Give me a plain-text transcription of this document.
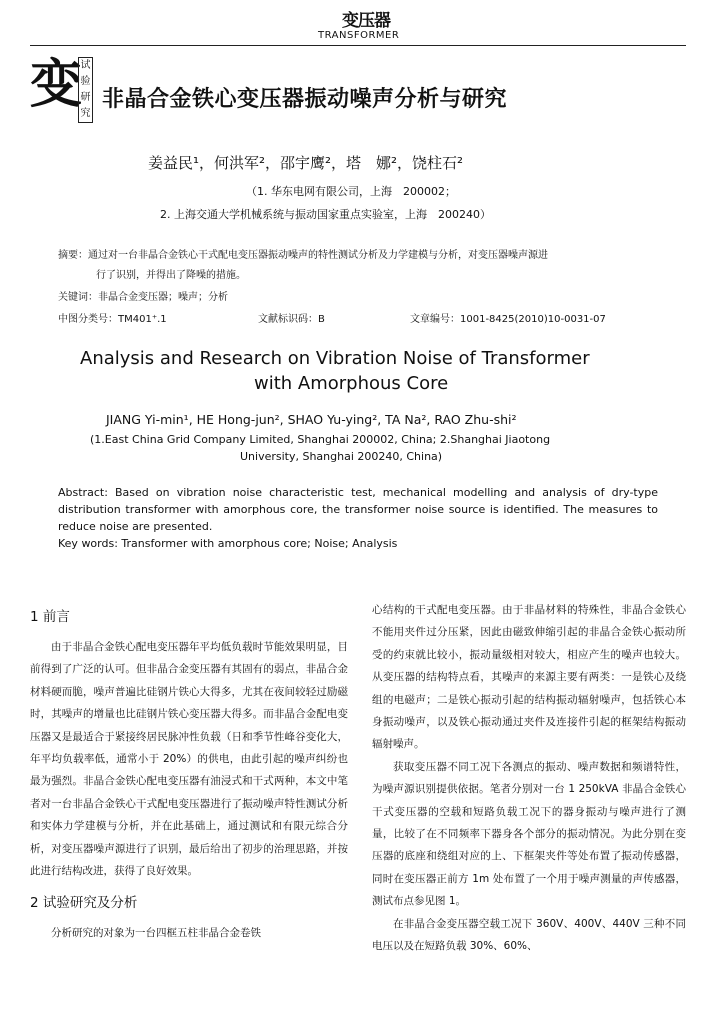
变压器
TRANSFORMER
变
试
验
研
究
非晶合金铁心变压器振动噪声分析与研究
姜益民¹，何洪军²，邵宇鹰²，塔　娜²，饶柱石²
（1. 华东电网有限公司，上海　200002；
2. 上海交通大学机械系统与振动国家重点实验室，上海　200240）
摘要：通过对一台非晶合金铁心干式配电变压器振动噪声的特性测试分析及力学建模与分析，对变压器噪声源进
行了识别，并得出了降噪的措施。
关键词：非晶合金变压器；噪声；分析
中图分类号：TM401⁺.1	文献标识码：B	文章编号：1001-8425(2010)10-0031-07
Analysis and Research on Vibration Noise of Transformer
with Amorphous Core
JIANG Yi-min¹, HE Hong-jun², SHAO Yu-ying², TA Na², RAO Zhu-shi²
(1.East China Grid Company Limited, Shanghai 200002, China; 2.Shanghai Jiaotong
University, Shanghai 200240, China)
Abstract: Based on vibration noise characteristic test, mechanical modelling and analysis of dry-type distribution transformer with amorphous core, the transformer noise source is identified. The measures to reduce noise are presented.
Key words: Transformer with amorphous core; Noise; Analysis

1 前言

由于非晶合金铁心配电变压器年平均低负载时节能效果明显，目前得到了广泛的认可。但非晶合金变压器有其固有的弱点，非晶合金材料硬而脆，噪声普遍比硅钢片铁心大得多，尤其在夜间较轻过励磁时，其噪声的增量也比硅钢片铁心变压器大得多。而非晶合金配电变压器又是最适合于紧接终居民脉冲性负载（日和季节性峰谷变化大，年平均负载率低，通常小于 20%）的供电，由此引起的噪声纠纷也最为强烈。非晶合金铁心配电变压器有油浸式和干式两种，本文中笔者对一台非晶合金铁心干式配电变压器进行了振动噪声特性测试分析和实体力学建模与分析，并在此基础上，通过测试和有限元综合分析，对变压器噪声源进行了识别，最后给出了初步的治理思路，并按此进行结构改进，获得了良好效果。

2 试验研究及分析

分析研究的对象为一台四框五柱非晶合金卷铁

心结构的干式配电变压器。由于非晶材料的特殊性，非晶合金铁心不能用夹件过分压紧，因此由磁致伸缩引起的非晶合金铁心振动所受的约束就比较小，振动量级相对较大，相应产生的噪声也较大。从变压器的结构特点看，其噪声的来源主要有两类：一是铁心及绕组的电磁声；二是铁心振动引起的结构振动辐射噪声，包括铁心本身振动噪声，以及铁心振动通过夹件及连接件引起的框架结构振动辐射噪声。

获取变压器不同工况下各测点的振动、噪声数据和频谱特性，为噪声源识别提供依据。笔者分别对一台 1 250kVA 非晶合金铁心干式变压器的空载和短路负载工况下的器身振动与噪声进行了测量，比较了在不同频率下器身各个部分的振动情况。为此分别在变压器的底座和绕组对应的上、下框架夹件等处布置了振动传感器，同时在变压器正前方 1m 处布置了一个用于噪声测量的声传感器，测试布点参见图 1。

在非晶合金变压器空载工况下 360V、400V、440V 三种不同电压以及在短路负载 30%、60%、
